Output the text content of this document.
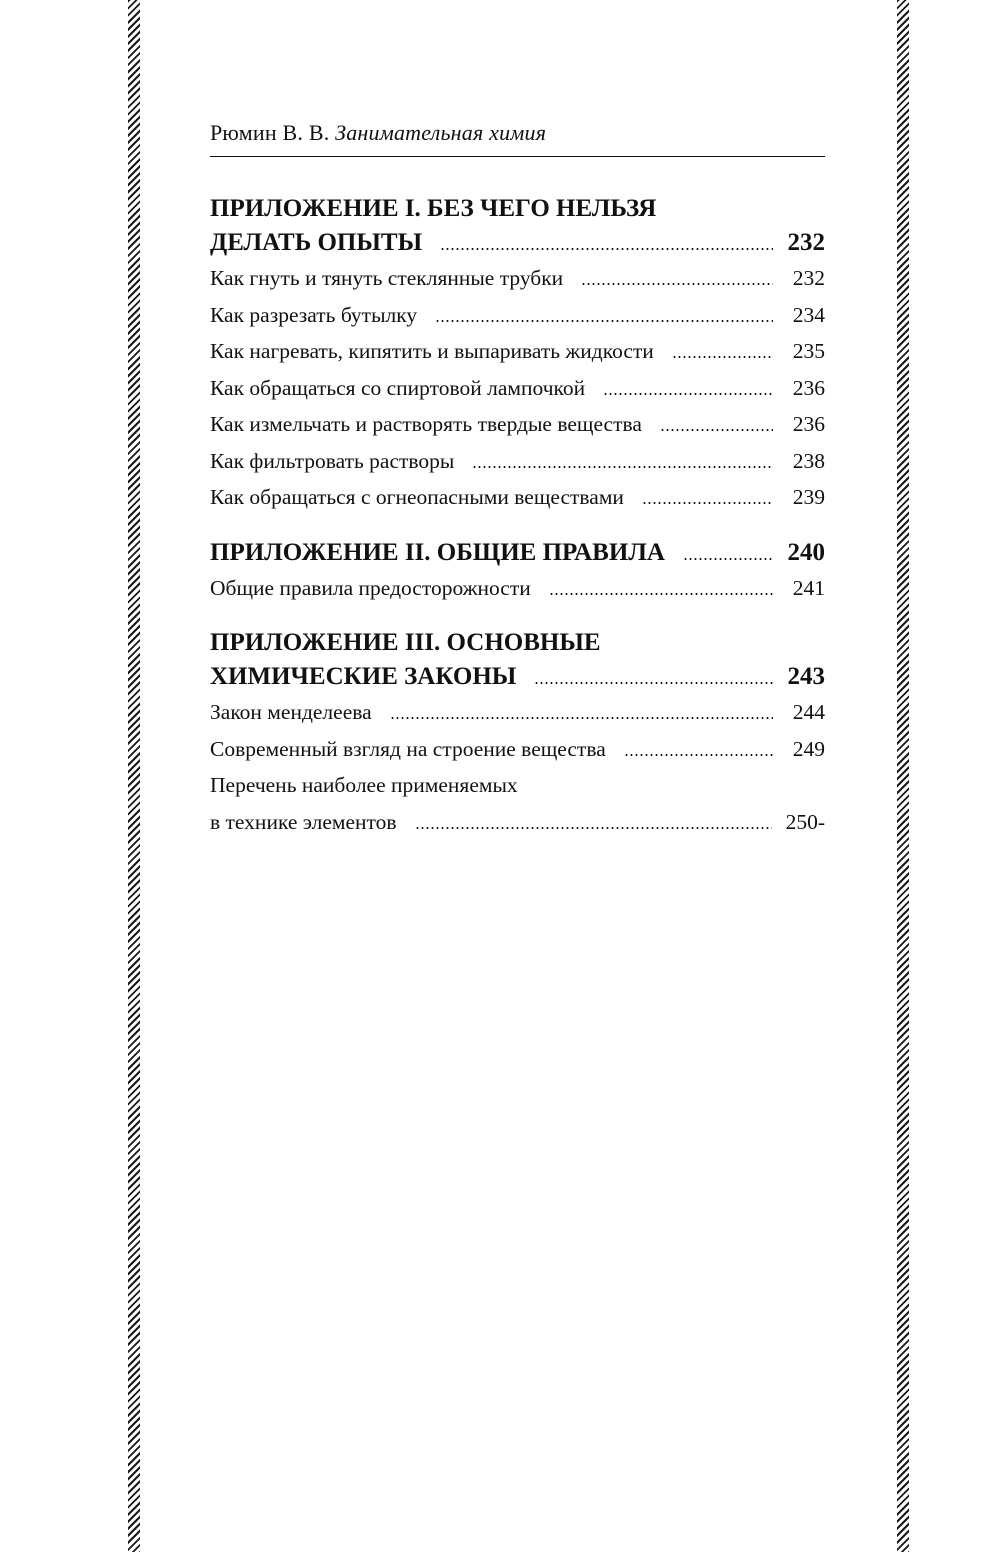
Рюмин В. В. Занимательная химия
ПРИЛОЖЕНИЕ I. БЕЗ ЧЕГО НЕЛЬЗЯ
ДЕЛАТЬ ОПЫТЫ	232
Как гнуть и тянуть стеклянные трубки	232
Как разрезать бутылку	234
Как нагревать, кипятить и выпаривать жидкости	235
Как обращаться со спиртовой лампочкой	236
Как измельчать и растворять твердые вещества	236
Как фильтровать растворы	238
Как обращаться с огнеопасными веществами	239
ПРИЛОЖЕНИЕ II. ОБЩИЕ ПРАВИЛА	240
Общие правила предосторожности	241
ПРИЛОЖЕНИЕ III. ОСНОВНЫЕ
ХИМИЧЕСКИЕ ЗАКОНЫ	243
Закон менделеева	244
Современный взгляд на строение вещества	249
Перечень наиболее применяемых
в технике элементов	250-
